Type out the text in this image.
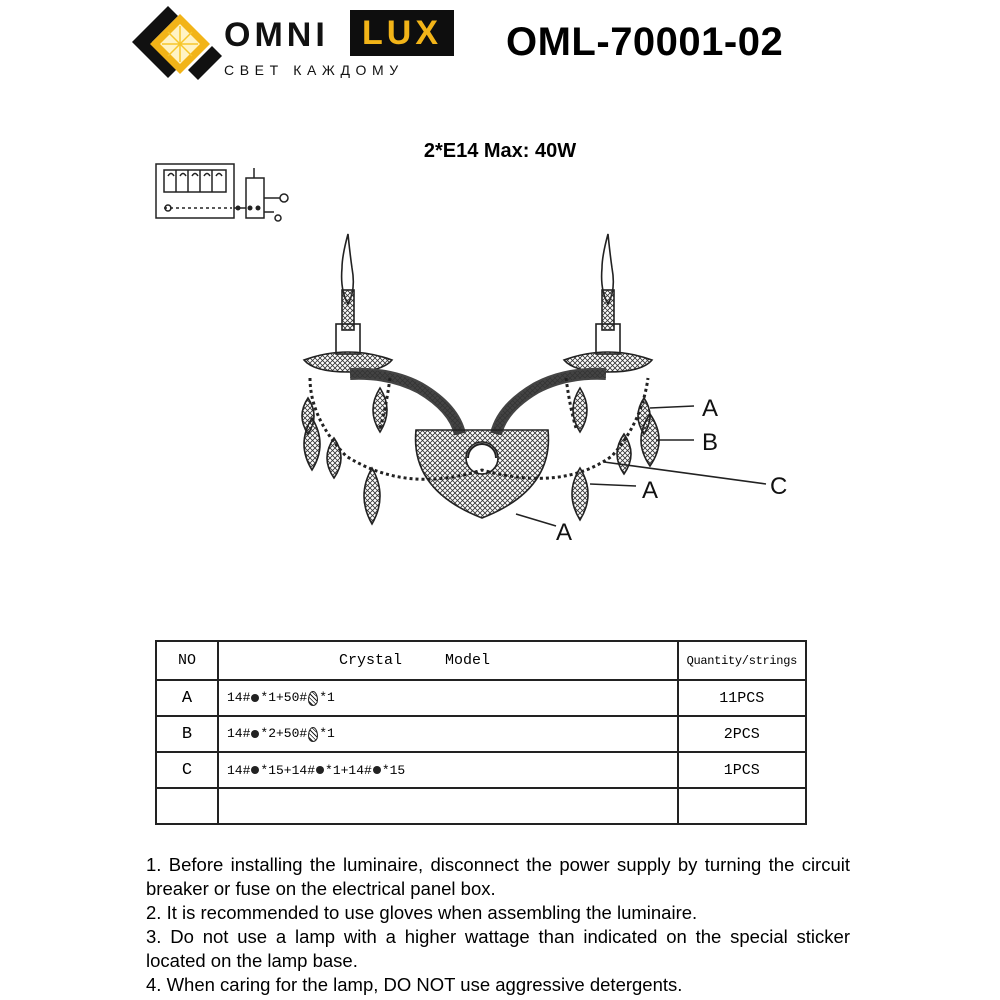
OMNI LUX
СВЕТ КАЖДОМУ
OML-70001-02
2*E14 Max: 40W
A
B
C
A
A
NO	Crystal Model	Quantity/strings
A	14# *1+50# *1	11PCS
B	14# *2+50# *1	2PCS
C	14# *15+14# *1+14# *15	1PCS

1. Before installing the luminaire, disconnect the power supply by turning the circuit breaker or fuse on the electrical panel box.

2. It is recommended to use gloves when assembling the luminaire.

3. Do not use a lamp with a higher wattage than indicated on the special sticker located on the lamp base.

4. When caring for the lamp, DO NOT use aggressive detergents.
